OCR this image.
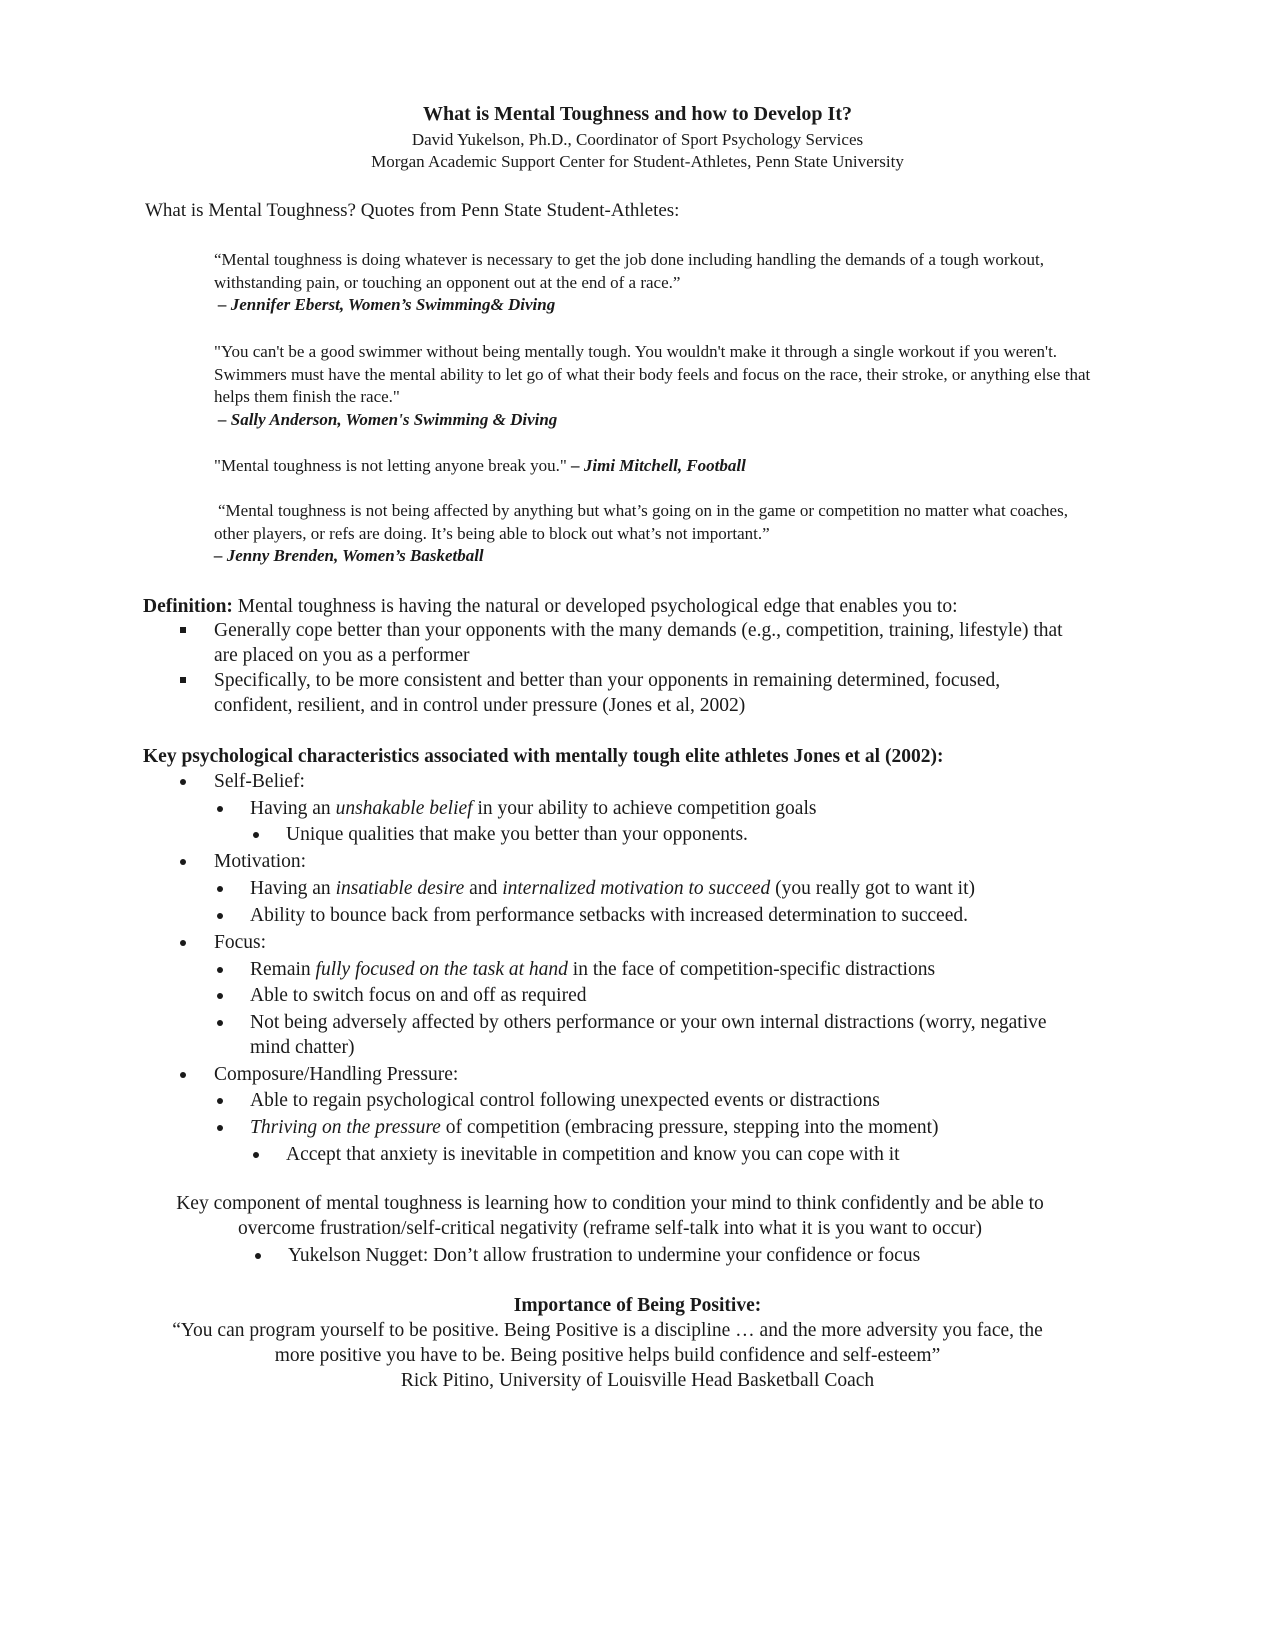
What is Mental Toughness and how to Develop It?
David Yukelson, Ph.D., Coordinator of Sport Psychology Services
Morgan Academic Support Center for Student-Athletes, Penn State University
What is Mental Toughness? Quotes from Penn State Student-Athletes:
“Mental toughness is doing whatever is necessary to get the job done including handling the demands of a tough workout, withstanding pain, or touching an opponent out at the end of a race.”
– Jennifer Eberst, Women’s Swimming& Diving
"You can't be a good swimmer without being mentally tough. You wouldn't make it through a single workout if you weren't. Swimmers must have the mental ability to let go of what their body feels and focus on the race, their stroke, or anything else that helps them finish the race."
– Sally Anderson, Women's Swimming & Diving
"Mental toughness is not letting anyone break you." – Jimi Mitchell, Football
“Mental toughness is not being affected by anything but what’s going on in the game or competition no matter what coaches, other players, or refs are doing. It’s being able to block out what’s not important.”
– Jenny Brenden, Women’s Basketball
Definition: Mental toughness is having the natural or developed psychological edge that enables you to:
Generally cope better than your opponents with the many demands (e.g., competition, training, lifestyle) that are placed on you as a performer
Specifically, to be more consistent and better than your opponents in remaining determined, focused, confident, resilient, and in control under pressure (Jones et al, 2002)
Key psychological characteristics associated with mentally tough elite athletes Jones et al (2002):
Self-Belief:
Having an unshakable belief in your ability to achieve competition goals
Unique qualities that make you better than your opponents.
Motivation:
Having an insatiable desire and internalized motivation to succeed (you really got to want it)
Ability to bounce back from performance setbacks with increased determination to succeed.
Focus:
Remain fully focused on the task at hand in the face of competition-specific distractions
Able to switch focus on and off as required
Not being adversely affected by others performance or your own internal distractions (worry, negative mind chatter)
Composure/Handling Pressure:
Able to regain psychological control following unexpected events or distractions
Thriving on the pressure of competition (embracing pressure, stepping into the moment)
Accept that anxiety is inevitable in competition and know you can cope with it
Key component of mental toughness is learning how to condition your mind to think confidently and be able to overcome frustration/self-critical negativity (reframe self-talk into what it is you want to occur)
Yukelson Nugget: Don’t allow frustration to undermine your confidence or focus
Importance of Being Positive:
“You can program yourself to be positive. Being Positive is a discipline … and the more adversity you face, the more positive you have to be. Being positive helps build confidence and self-esteem”
Rick Pitino, University of Louisville Head Basketball Coach
